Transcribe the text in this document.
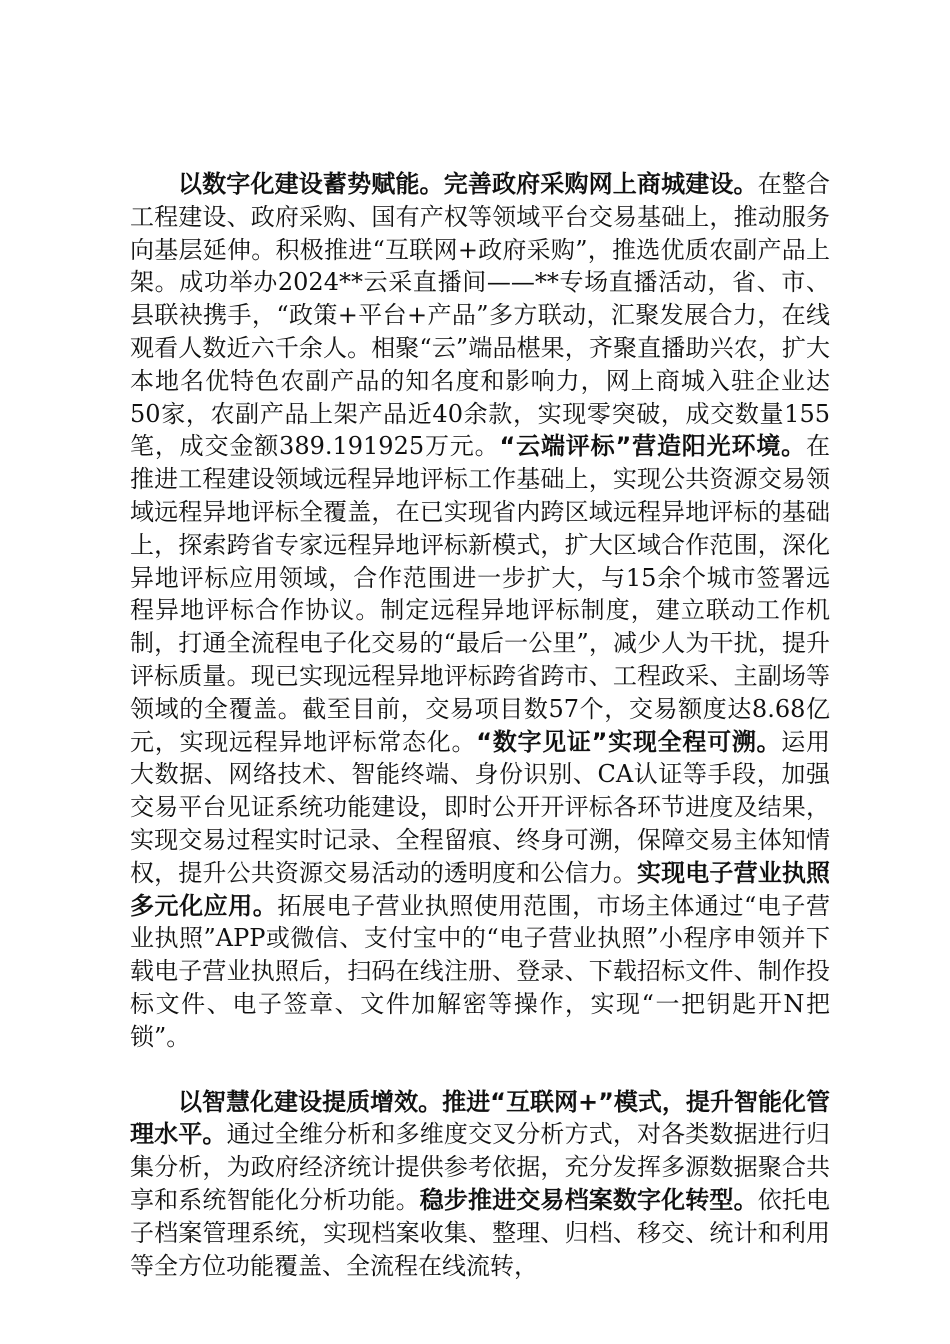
以数字化建设蓄势赋能。完善政府采购网上商城建设。在整合工程建设、政府采购、国有产权等领域平台交易基础上，推动服务向基层延伸。积极推进“互联网+政府采购”，推选优质农副产品上架。成功举办2024**云采直播间——**专场直播活动，省、市、县联袂携手，“政策+平台+产品”多方联动，汇聚发展合力，在线观看人数近六千余人。相聚“云”端品椹果，齐聚直播助兴农，扩大本地名优特色农副产品的知名度和影响力，网上商城入驻企业达50家，农副产品上架产品近40余款，实现零突破，成交数量155笔，成交金额389.191925万元。“云端评标”营造阳光环境。在推进工程建设领域远程异地评标工作基础上，实现公共资源交易领域远程异地评标全覆盖，在已实现省内跨区域远程异地评标的基础上，探索跨省专家远程异地评标新模式，扩大区域合作范围，深化异地评标应用领域，合作范围进一步扩大，与15余个城市签署远程异地评标合作协议。制定远程异地评标制度，建立联动工作机制，打通全流程电子化交易的“最后一公里”，减少人为干扰，提升评标质量。现已实现远程异地评标跨省跨市、工程政采、主副场等领域的全覆盖。截至目前，交易项目数57个，交易额度达8.68亿元，实现远程异地评标常态化。“数字见证”实现全程可溯。运用大数据、网络技术、智能终端、身份识别、CA认证等手段，加强交易平台见证系统功能建设，即时公开开评标各环节进度及结果，实现交易过程实时记录、全程留痕、终身可溯，保障交易主体知情权，提升公共资源交易活动的透明度和公信力。实现电子营业执照多元化应用。拓展电子营业执照使用范围，市场主体通过“电子营业执照”APP或微信、支付宝中的“电子营业执照”小程序申领并下载电子营业执照后，扫码在线注册、登录、下载招标文件、制作投标文件、电子签章、文件加解密等操作，实现“一把钥匙开N把锁”。

以智慧化建设提质增效。推进“互联网+”模式，提升智能化管理水平。通过全维分析和多维度交叉分析方式，对各类数据进行归集分析，为政府经济统计提供参考依据，充分发挥多源数据聚合共享和系统智能化分析功能。稳步推进交易档案数字化转型。依托电子档案管理系统，实现档案收集、整理、归档、移交、统计和利用等全方位功能覆盖、全流程在线流转，
